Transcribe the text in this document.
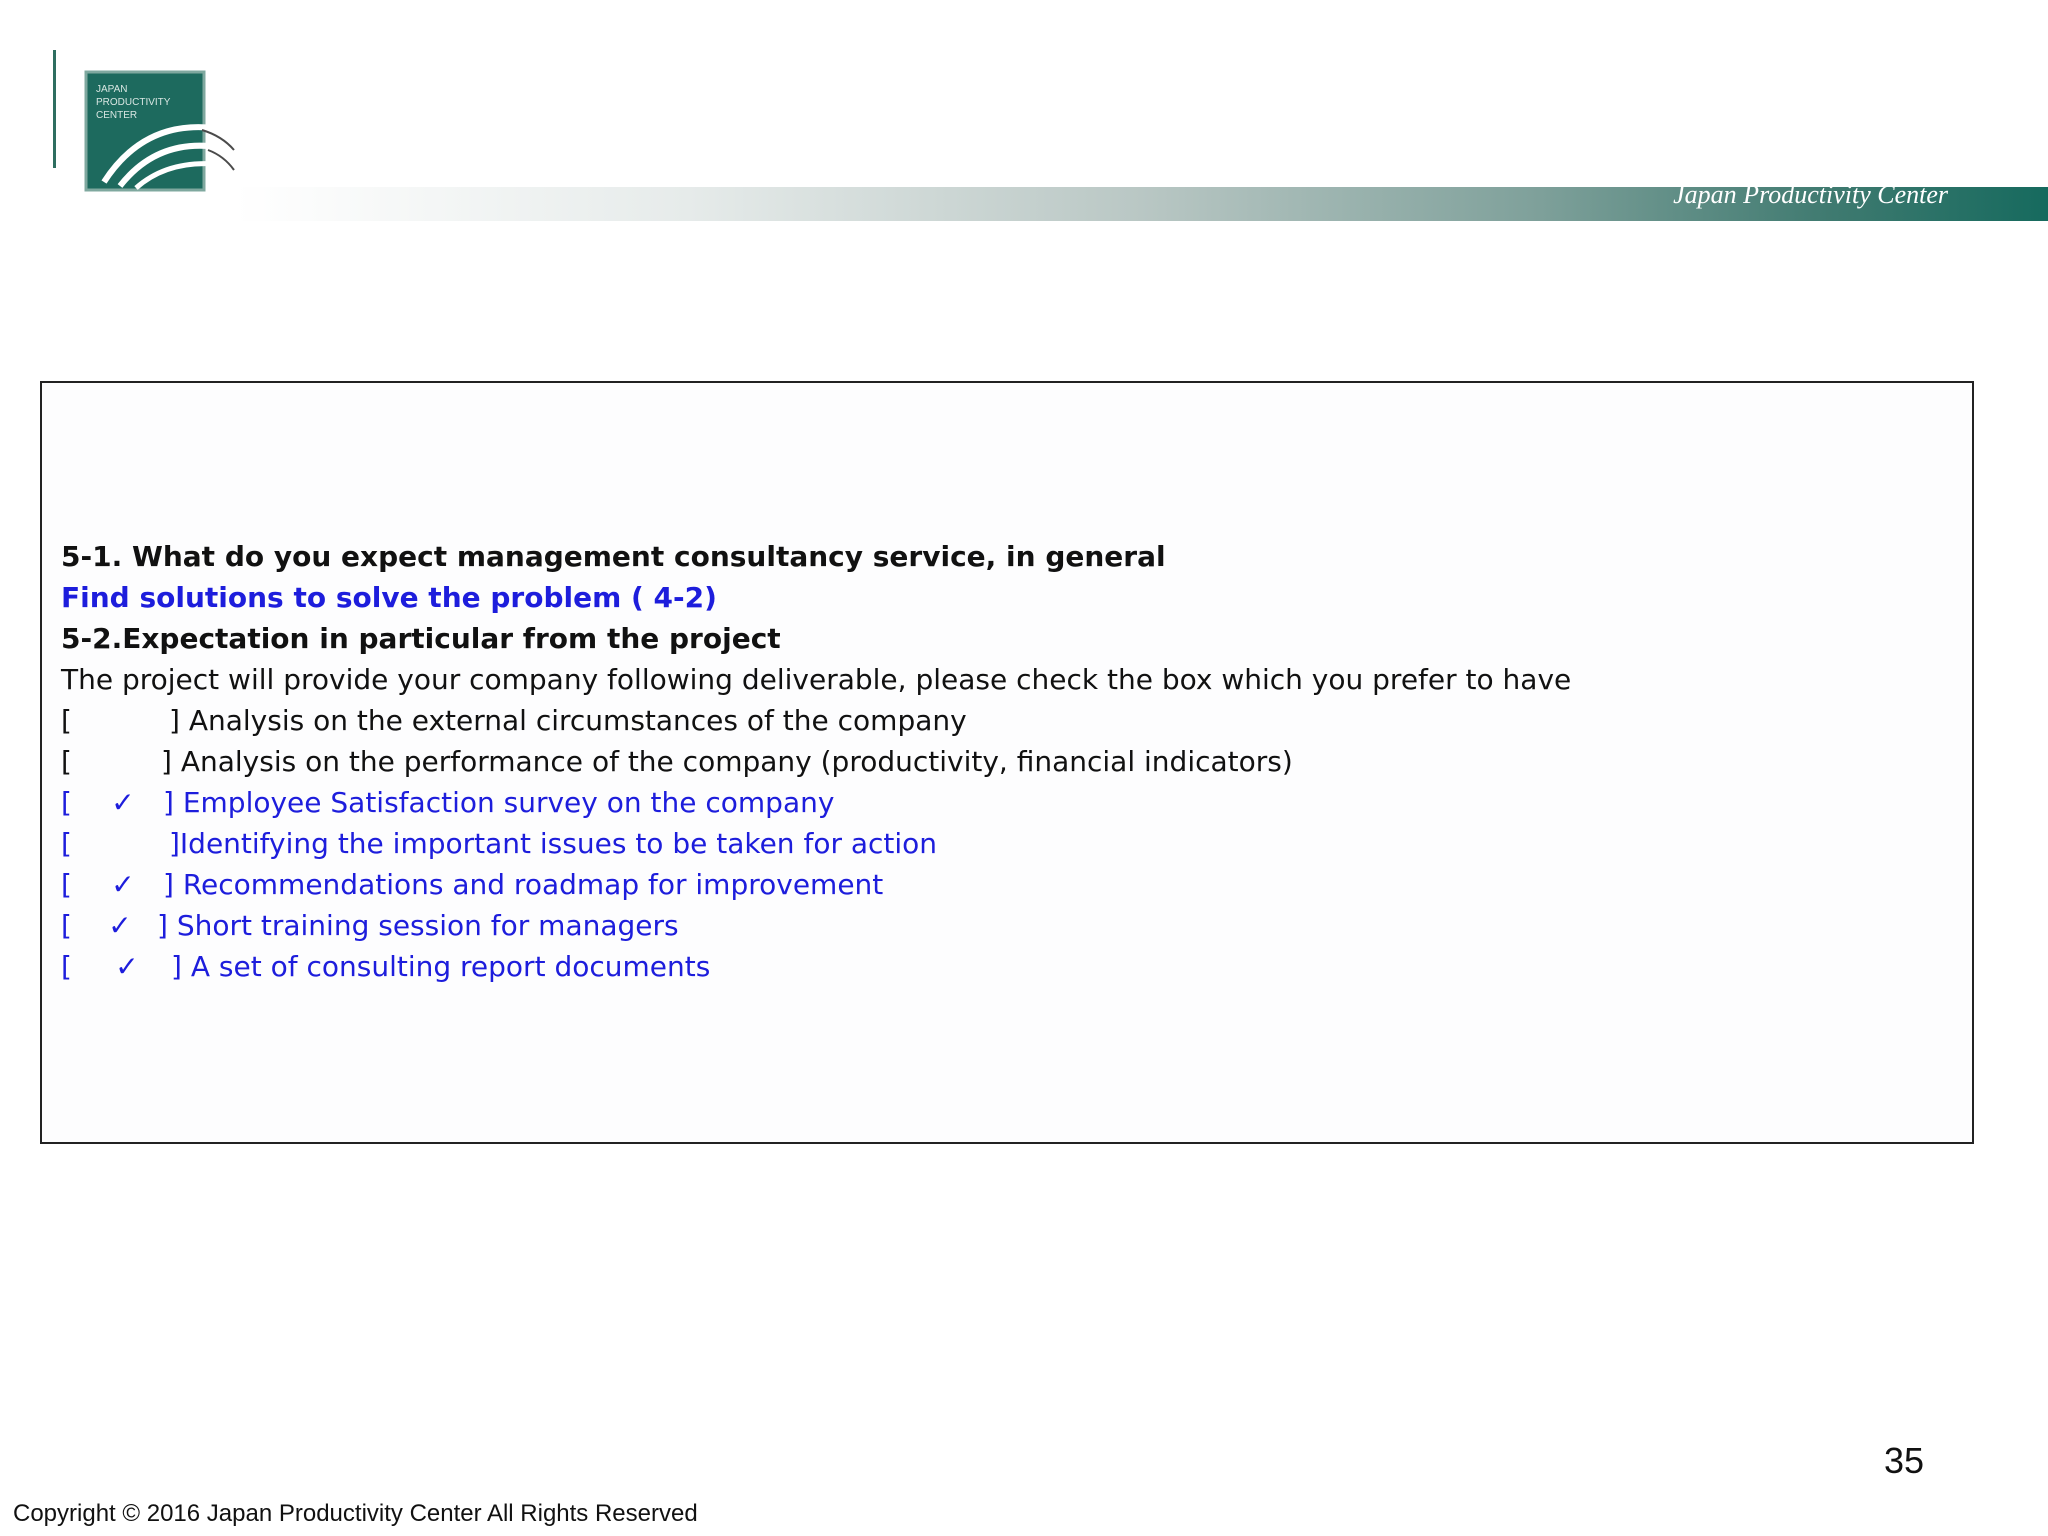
JAPAN
PRODUCTIVITY
CENTER
Japan Productivity Center
5-1. What do you expect management consultancy service, in general
Find solutions to solve the problem ( 4-2)
5-2.Expectation in particular from the project
The project will provide your company following deliverable, please check the box which you prefer to have
[	] Analysis on the external circumstances of the company
[	] Analysis on the performance of the company (productivity, financial indicators)
[	✓	] Employee Satisfaction survey on the company
[	]Identifying the important issues to be taken for action
[	✓	] Recommendations and roadmap for improvement
[	✓ ] Short training session for managers
[	✓	] A set of consulting report documents
35
Copyright © 2016 Japan Productivity Center All Rights Reserved
